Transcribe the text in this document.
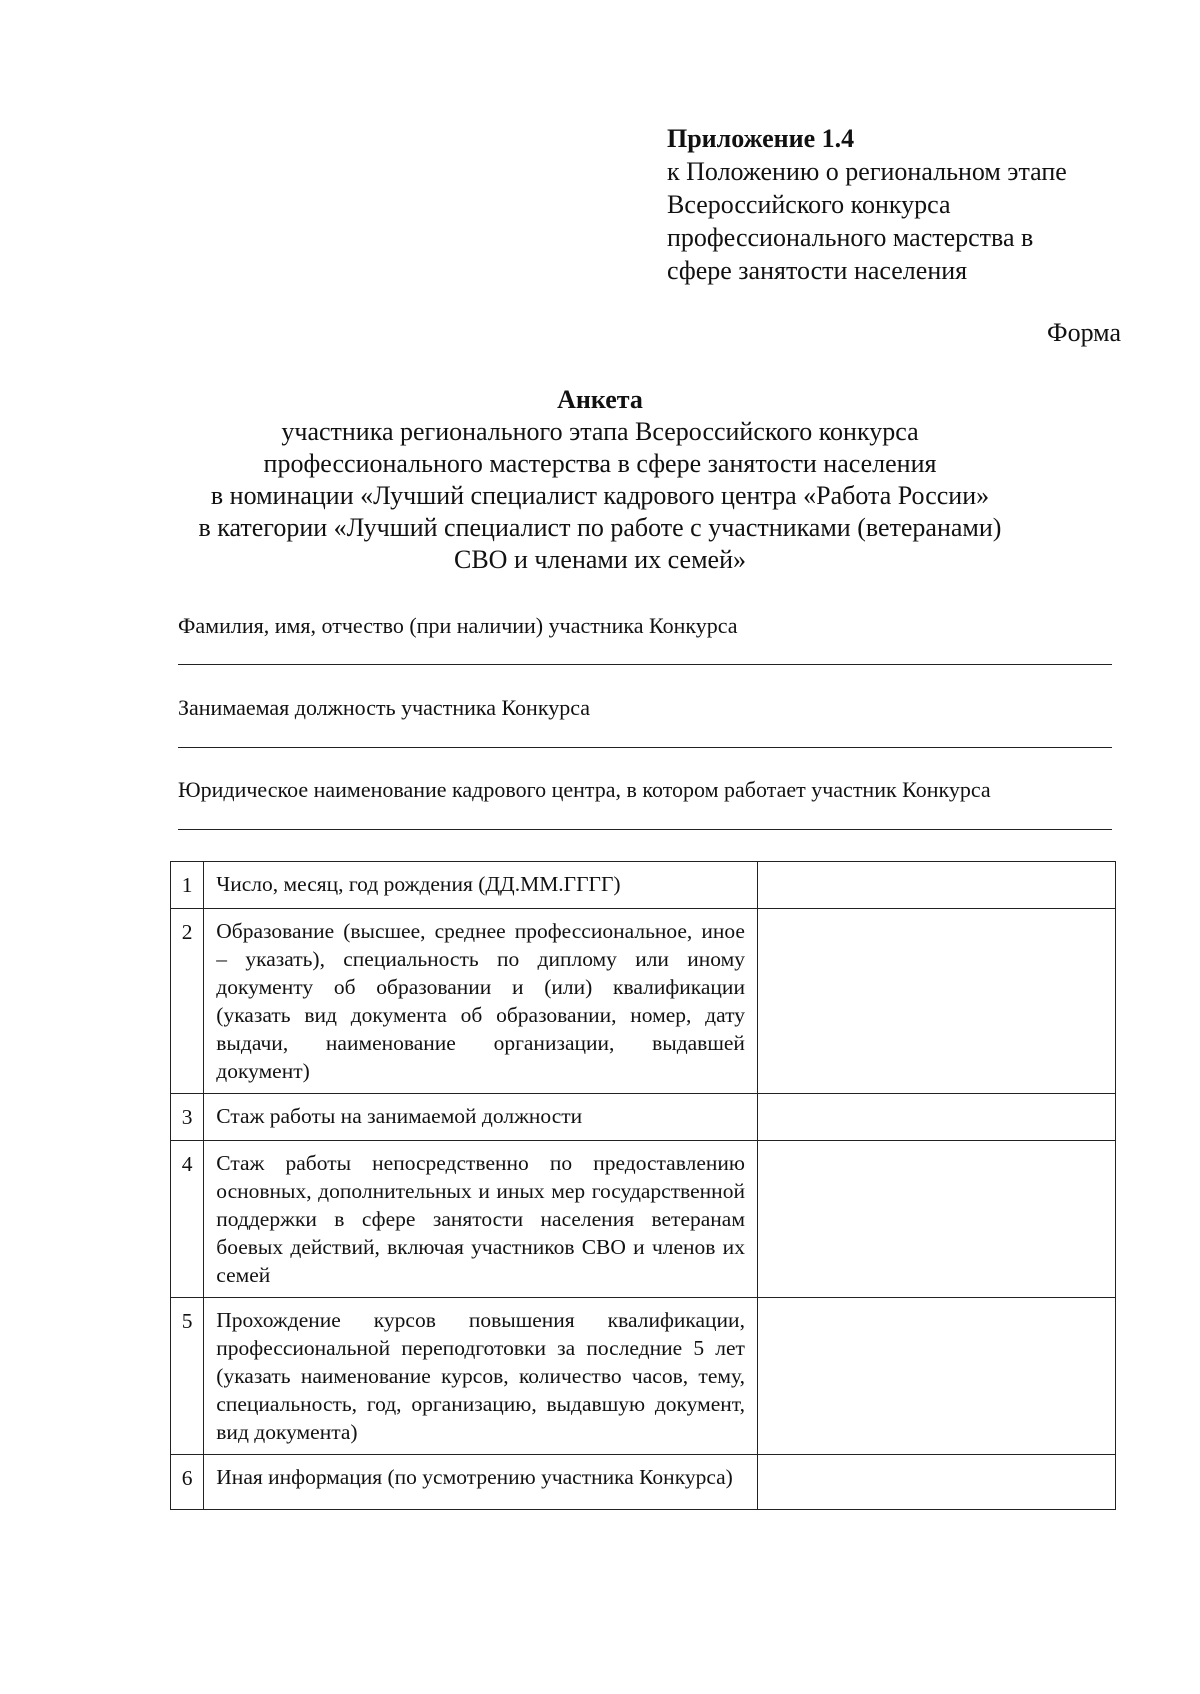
Приложение 1.4
к Положению о региональном этапе
Всероссийского конкурса
профессионального мастерства в
сфере занятости населения
Форма
Анкета
участника регионального этапа Всероссийского конкурса
профессионального мастерства в сфере занятости населения
в номинации «Лучший специалист кадрового центра «Работа России»
в категории «Лучший специалист по работе с участниками (ветеранами)
СВО и членами их семей»
Фамилия, имя, отчество (при наличии) участника Конкурса
Занимаемая должность участника Конкурса
Юридическое наименование кадрового центра, в котором работает участник Конкурса
1	Число, месяц, год рождения (ДД.ММ.ГГГГ)	
2	Образование (высшее, среднее профессиональное, иное – указать), специальность по диплому или иному документу об образовании и (или) квалификации (указать вид документа об образовании, номер, дату выдачи, наименование организации, выдавшей документ)	
3	Стаж работы на занимаемой должности	
4	Стаж работы непосредственно по предоставлению основных, дополнительных и иных мер государственной поддержки в сфере занятости населения ветеранам боевых действий, включая участников СВО и членов их семей	
5	Прохождение курсов повышения квалификации, профессиональной переподготовки за последние 5 лет (указать наименование курсов, количество часов, тему, специальность, год, организацию, выдавшую документ, вид документа)	
6	Иная информация (по усмотрению участника Конкурса)	
